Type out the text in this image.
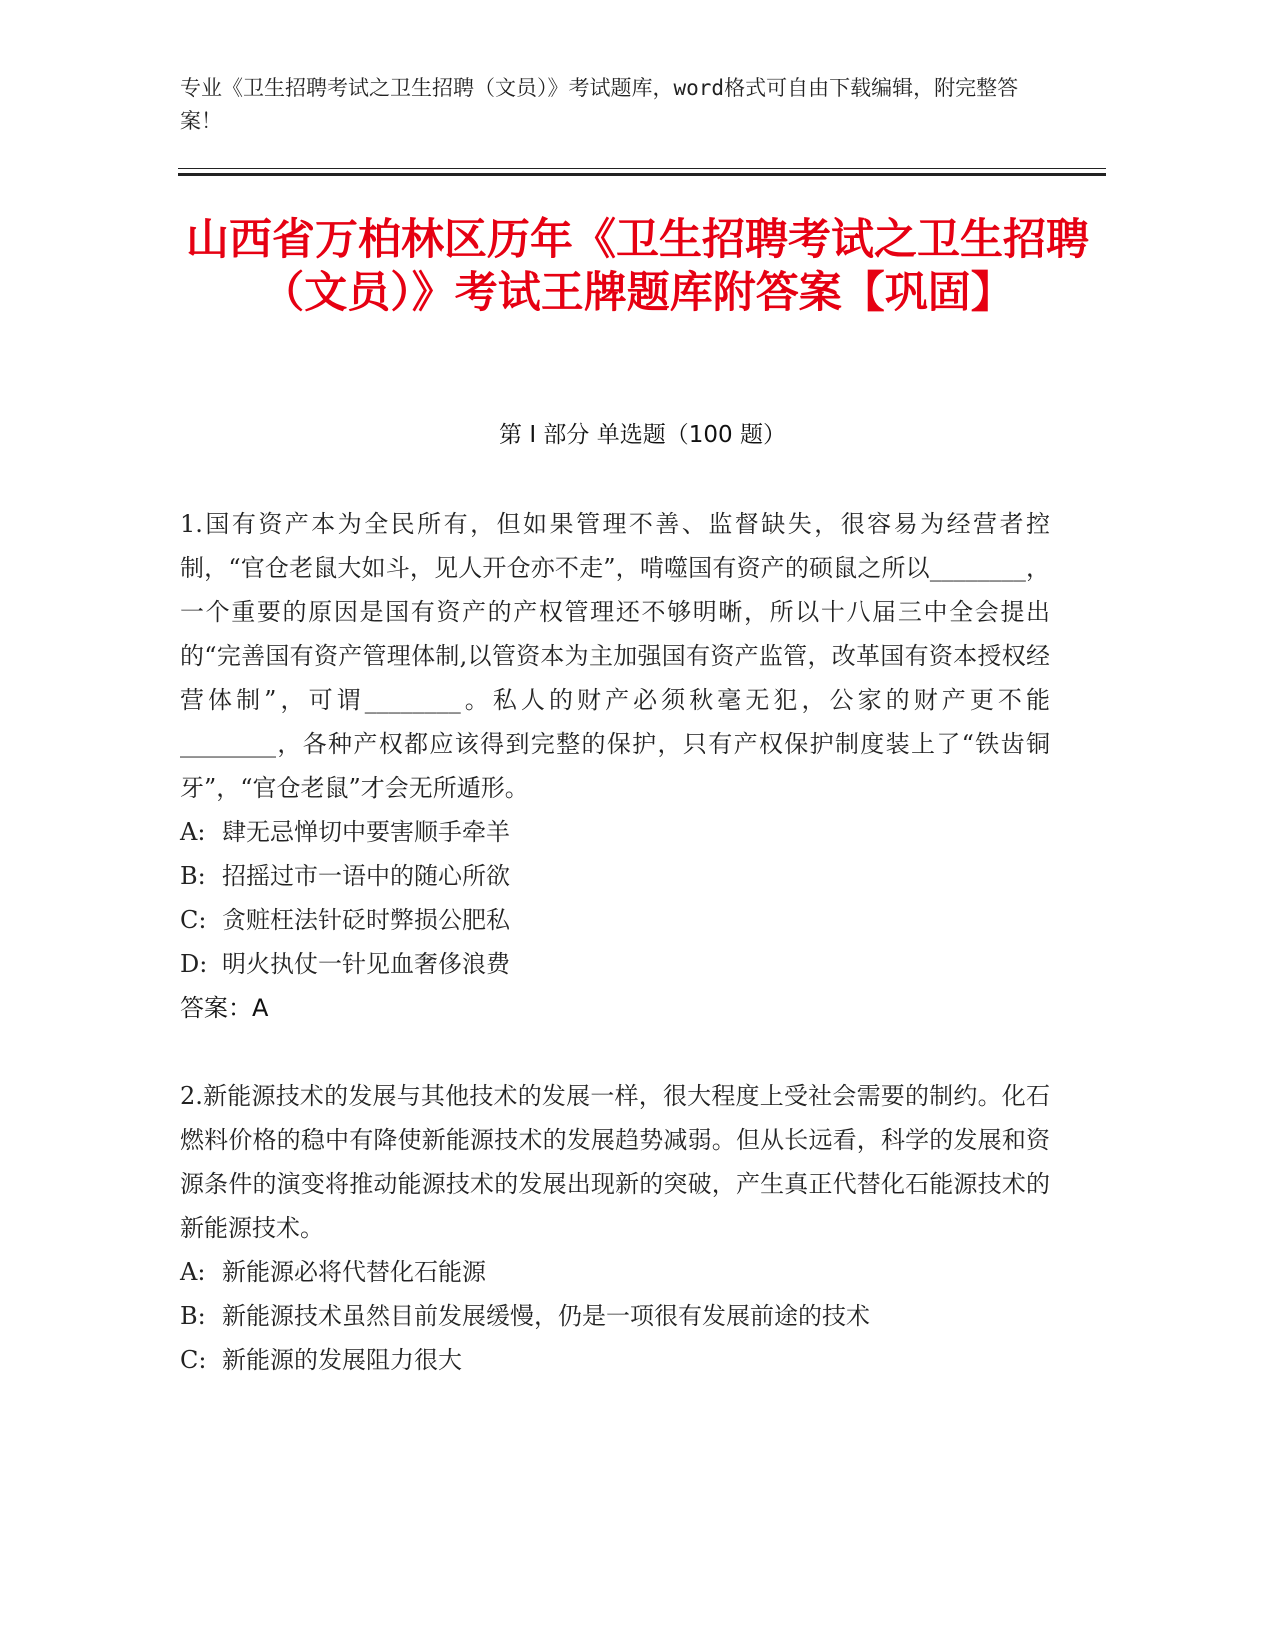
专业《卫生招聘考试之卫生招聘（文员）》考试题库，word格式可自由下载编辑，附完整答案！
山西省万柏林区历年《卫生招聘考试之卫生招聘（文员）》考试王牌题库附答案【巩固】
第 I 部分 单选题（100 题）

1.国有资产本为全民所有，但如果管理不善、监督缺失，很容易为经营者控制，“官仓老鼠大如斗，见人开仓亦不走”，啃噬国有资产的硕鼠之所以________，一个重要的原因是国有资产的产权管理还不够明晰，所以十八届三中全会提出的“完善国有资产管理体制,以管资本为主加强国有资产监管，改革国有资本授权经营体制”，可谓________。私人的财产必须秋毫无犯，公家的财产更不能________，各种产权都应该得到完整的保护，只有产权保护制度装上了“铁齿铜牙”，“官仓老鼠”才会无所遁形。

A: 肆无忌惮切中要害顺手牵羊
B: 招摇过市一语中的随心所欲
C: 贪赃枉法针砭时弊损公肥私
D: 明火执仗一针见血奢侈浪费

答案：A

2.新能源技术的发展与其他技术的发展一样，很大程度上受社会需要的制约。化石燃料价格的稳中有降使新能源技术的发展趋势减弱。但从长远看，科学的发展和资源条件的演变将推动能源技术的发展出现新的突破，产生真正代替化石能源技术的新能源技术。

A: 新能源必将代替化石能源
B: 新能源技术虽然目前发展缓慢，仍是一项很有发展前途的技术
C: 新能源的发展阻力很大
